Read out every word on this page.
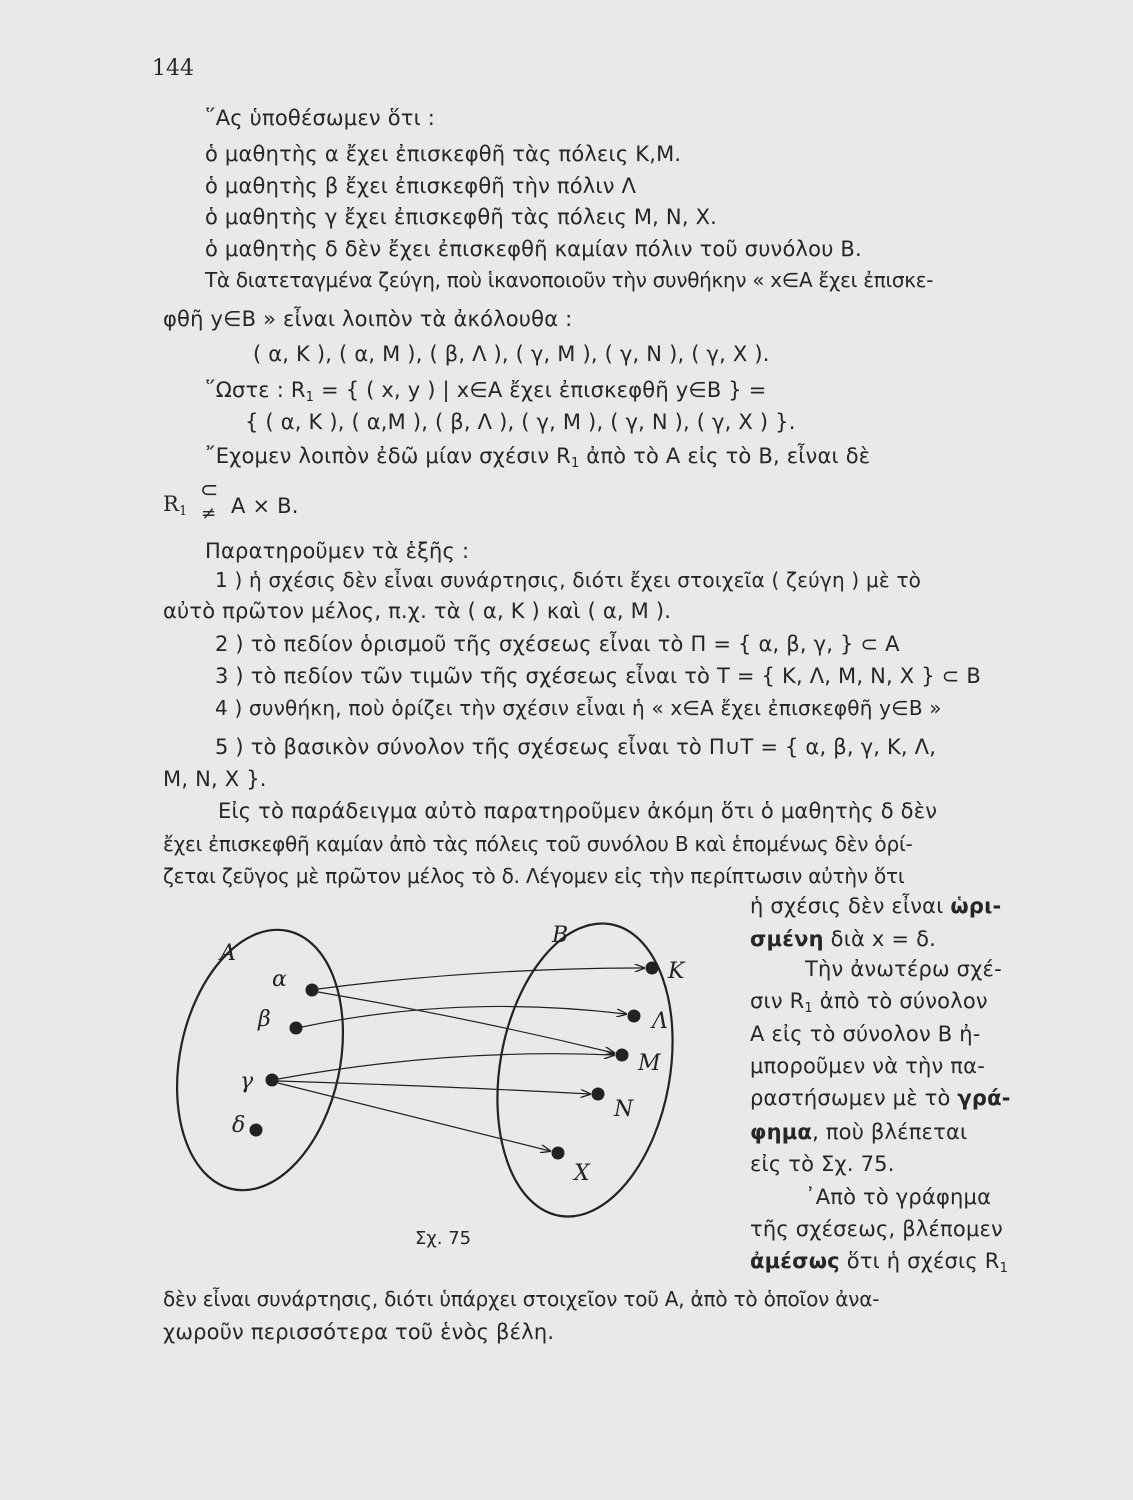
144
῞Ας ὑποθέσωμεν ὅτι :
ὁ μαθητὴς α ἔχει ἐπισκεφθῆ τὰς πόλεις Κ,Μ.
ὁ μαθητὴς β ἔχει ἐπισκεφθῆ τὴν πόλιν Λ
ὁ μαθητὴς γ ἔχει ἐπισκεφθῆ τὰς πόλεις Μ, Ν, Χ.
ὁ μαθητὴς δ δὲν ἔχει ἐπισκεφθῆ καμίαν πόλιν τοῦ συνόλου Β.
Τὰ διατεταγμένα ζεύγη, ποὺ ἱκανοποιοῦν τὴν συνθήκην « x∈A ἔχει ἐπισκε-
φθῆ y∈B » εἶναι λοιπὸν τὰ ἀκόλουθα :
( α, Κ ), ( α, Μ ), ( β, Λ ), ( γ, Μ ), ( γ, Ν ), ( γ, Χ ).
῞Ωστε : $R_1$ = { ( x, y ) | x∈A ἔχει ἐπισκεφθῆ y∈B } =
{ ( α, Κ ), ( α,Μ ), ( β, Λ ), ( γ, Μ ), ( γ, Ν ), ( γ, Χ ) }.
῎Εχομεν λοιπὸν ἐδῶ μίαν σχέσιν $R_1$ ἀπὸ τὸ Α εἰς τὸ Β, εἶναι δὲ
$R_1$
⊂
≠ A × B.
Παρατηροῦμεν τὰ ἑξῆς :
1 ) ἡ σχέσις δὲν εἶναι συνάρτησις, διότι ἔχει στοιχεῖα ( ζεύγη ) μὲ τὸ
αὐτὸ πρῶτον μέλος, π.χ. τὰ ( α, Κ ) καὶ ( α, Μ ).
2 ) τὸ πεδίον ὁρισμοῦ τῆς σχέσεως εἶναι τὸ Π = { α, β, γ, } ⊂ A
3 ) τὸ πεδίον τῶν τιμῶν τῆς σχέσεως εἶναι τὸ Τ = { Κ, Λ, Μ, Ν, Χ } ⊂ B
4 ) συνθήκη, ποὺ ὁρίζει τὴν σχέσιν εἶναι ἡ « x∈A ἔχει ἐπισκεφθῆ y∈B »
5 ) τὸ βασικὸν σύνολον τῆς σχέσεως εἶναι τὸ Π∪Τ = { α, β, γ, Κ, Λ,
Μ, Ν, Χ }.
Εἰς τὸ παράδειγμα αὐτὸ παρατηροῦμεν ἀκόμη ὅτι ὁ μαθητὴς δ δὲν
ἔχει ἐπισκεφθῆ καμίαν ἀπὸ τὰς πόλεις τοῦ συνόλου Β καὶ ἑπομένως δὲν ὁρί-
ζεται ζεῦγος μὲ πρῶτον μέλος τὸ δ. Λέγομεν εἰς τὴν περίπτωσιν αὐτὴν ὅτι
ἡ σχέσις δὲν εἶναι ὡρι-
σμένη διὰ x = δ.
Τὴν ἀνωτέρω σχέ-
σιν $R_1$ ἀπὸ τὸ σύνολον
Α εἰς τὸ σύνολον Β ἠ-
μποροῦμεν νὰ τὴν πα-
ραστήσωμεν μὲ τὸ γρά-
φημα, ποὺ βλέπεται
εἰς τὸ Σχ. 75.
᾿Απὸ τὸ γράφημα
τῆς σχέσεως, βλέπομεν
ἀμέσως ὅτι ἡ σχέσις $R_1$
δὲν εἶναι συνάρτησις, διότι ὑπάρχει στοιχεῖον τοῦ Α, ἀπὸ τὸ ὁποῖον ἀνα-
χωροῦν περισσότερα τοῦ ἑνὸς βέλη.
A
B
α
β
γ
δ
Κ
Λ
Μ
Ν
Χ
Σχ. 75
